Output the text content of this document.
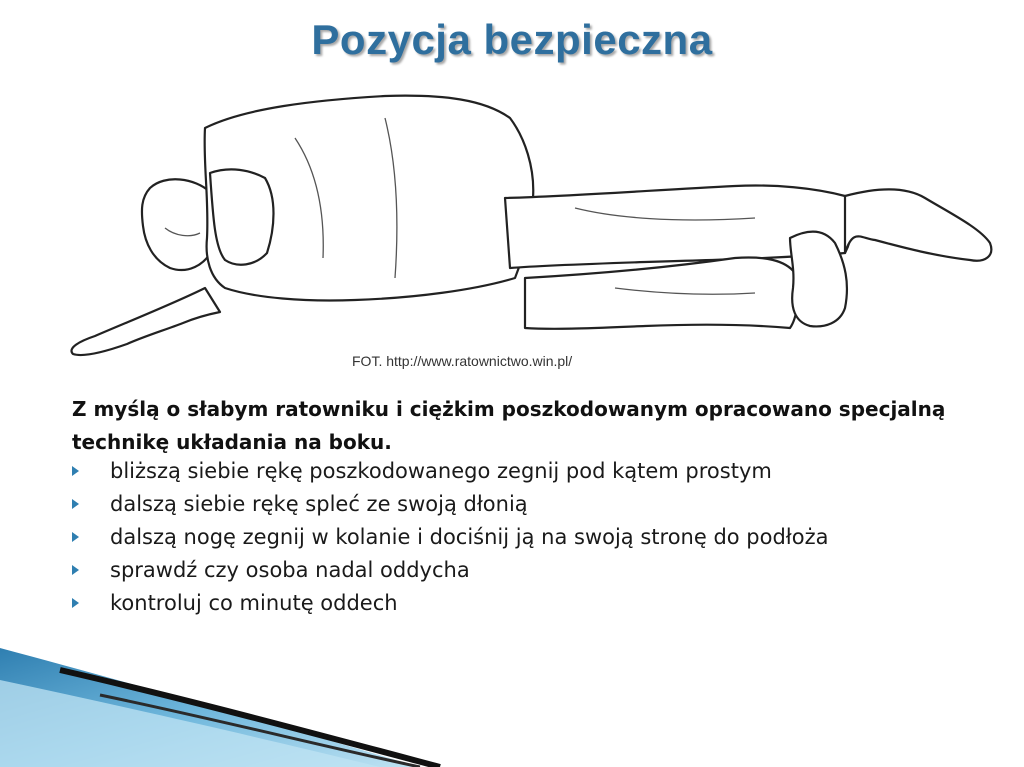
Pozycja bezpieczna
FOT. http://www.ratownictwo.win.pl/
Z myślą o słabym ratowniku i ciężkim poszkodowanym opracowano specjalną technikę układania na boku.
bliższą siebie rękę poszkodowanego zegnij pod kątem prostym
dalszą siebie rękę spleć ze swoją dłonią
dalszą nogę zegnij w kolanie i dociśnij ją na swoją stronę do podłoża
sprawdź czy osoba nadal oddycha
kontroluj co minutę oddech
